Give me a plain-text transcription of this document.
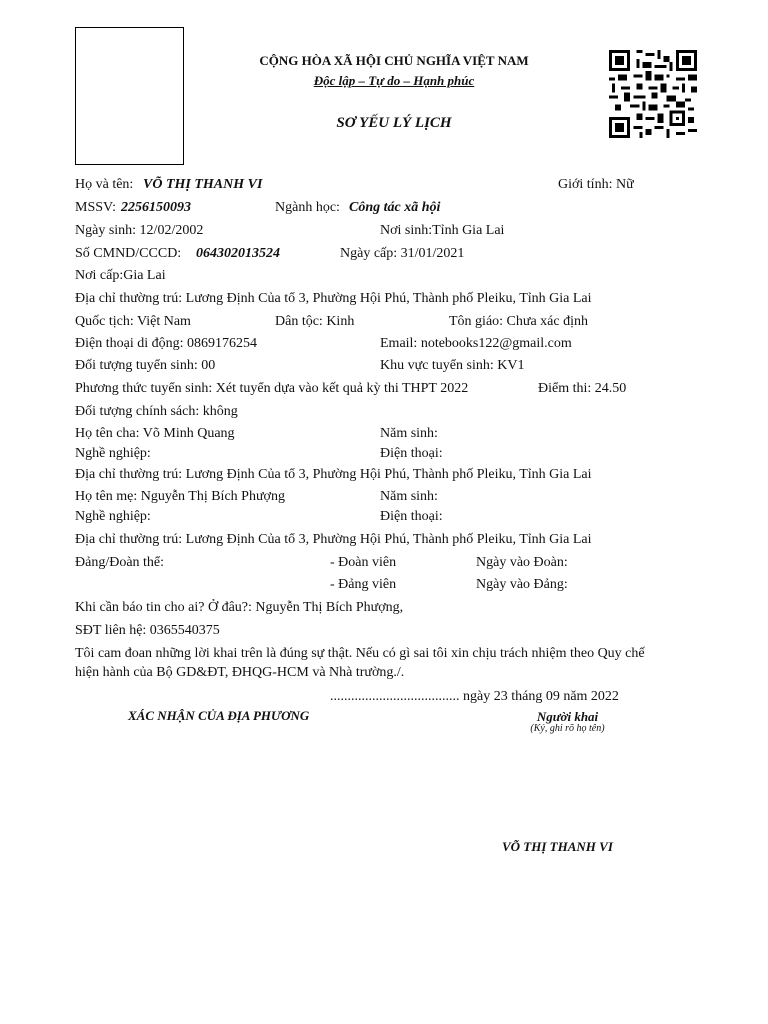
CỘNG HÒA XÃ HỘI CHỦ NGHĨA VIỆT NAM
Độc lập – Tự do – Hạnh phúc
SƠ YẾU LÝ LỊCH
Họ và tên: VÕ THỊ THANH VI	Giới tính: Nữ
MSSV: 2256150093	Ngành học: Công tác xã hội
Ngày sinh: 12/02/2002	Nơi sinh:Tỉnh Gia Lai
Số CMND/CCCD: 064302013524	Ngày cấp: 31/01/2021
Nơi cấp:Gia Lai
Địa chỉ thường trú: Lương Định Của tổ 3, Phường Hội Phú, Thành phố Pleiku, Tỉnh Gia Lai
Quốc tịch: Việt Nam	Dân tộc: Kinh	Tôn giáo: Chưa xác định
Điện thoại di động: 0869176254	Email: notebooks122@gmail.com
Đối tượng tuyển sinh: 00	Khu vực tuyển sinh: KV1
Phương thức tuyển sinh: Xét tuyển dựa vào kết quả kỳ thi THPT 2022	Điểm thi: 24.50
Đối tượng chính sách: không
Họ tên cha: Võ Minh Quang	Năm sinh:
Nghề nghiệp:	Điện thoại:
Địa chỉ thường trú: Lương Định Của tổ 3, Phường Hội Phú, Thành phố Pleiku, Tỉnh Gia Lai
Họ tên mẹ: Nguyễn Thị Bích Phượng	Năm sinh:
Nghề nghiệp:	Điện thoại:
Địa chỉ thường trú: Lương Định Của tổ 3, Phường Hội Phú, Thành phố Pleiku, Tỉnh Gia Lai
Đảng/Đoàn thể:	- Đoàn viên	Ngày vào Đoàn:
- Đảng viên	Ngày vào Đảng:
Khi cần báo tin cho ai? Ở đâu?: Nguyễn Thị Bích Phượng,
SĐT liên hệ: 0365540375
Tôi cam đoan những lời khai trên là đúng sự thật. Nếu có gì sai tôi xin chịu trách nhiệm theo Quy chế
hiện hành của Bộ GD&ĐT, ĐHQG-HCM và Nhà trường./.
..................................... ngày 23 tháng 09 năm 2022
XÁC NHẬN CỦA ĐỊA PHƯƠNG	Người khai
(Ký, ghi rõ họ tên)
VÕ THỊ THANH VI
